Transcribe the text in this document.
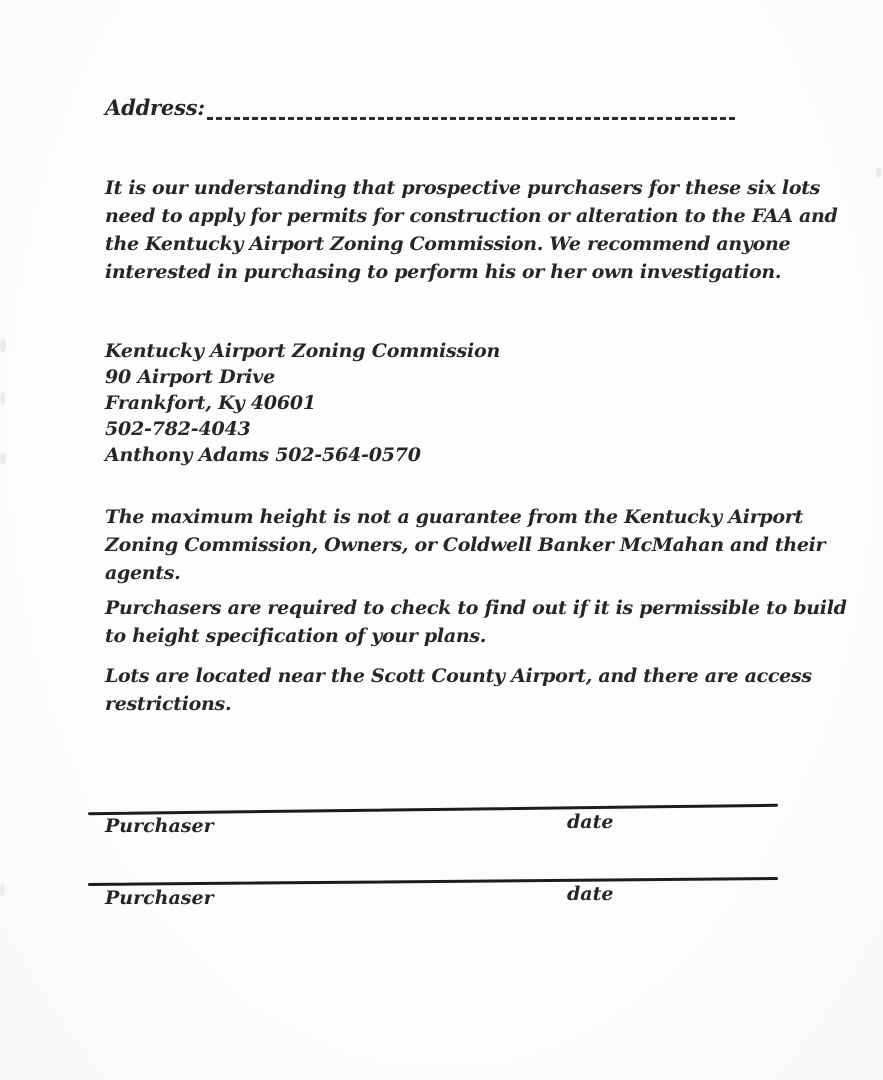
Address:
It is our understanding that prospective purchasers for these six lots
need to apply for permits for construction or alteration to the FAA and
the Kentucky Airport Zoning Commission. We recommend anyone
interested in purchasing to perform his or her own investigation.
Kentucky Airport Zoning Commission
90 Airport Drive
Frankfort, Ky 40601
502-782-4043
Anthony Adams 502-564-0570
The maximum height is not a guarantee from the Kentucky Airport
Zoning Commission, Owners, or Coldwell Banker McMahan and their
agents.
Purchasers are required to check to find out if it is permissible to build
to height specification of your plans.
Lots are located near the Scott County Airport, and there are access
restrictions.
Purchaser	date
Purchaser	date
